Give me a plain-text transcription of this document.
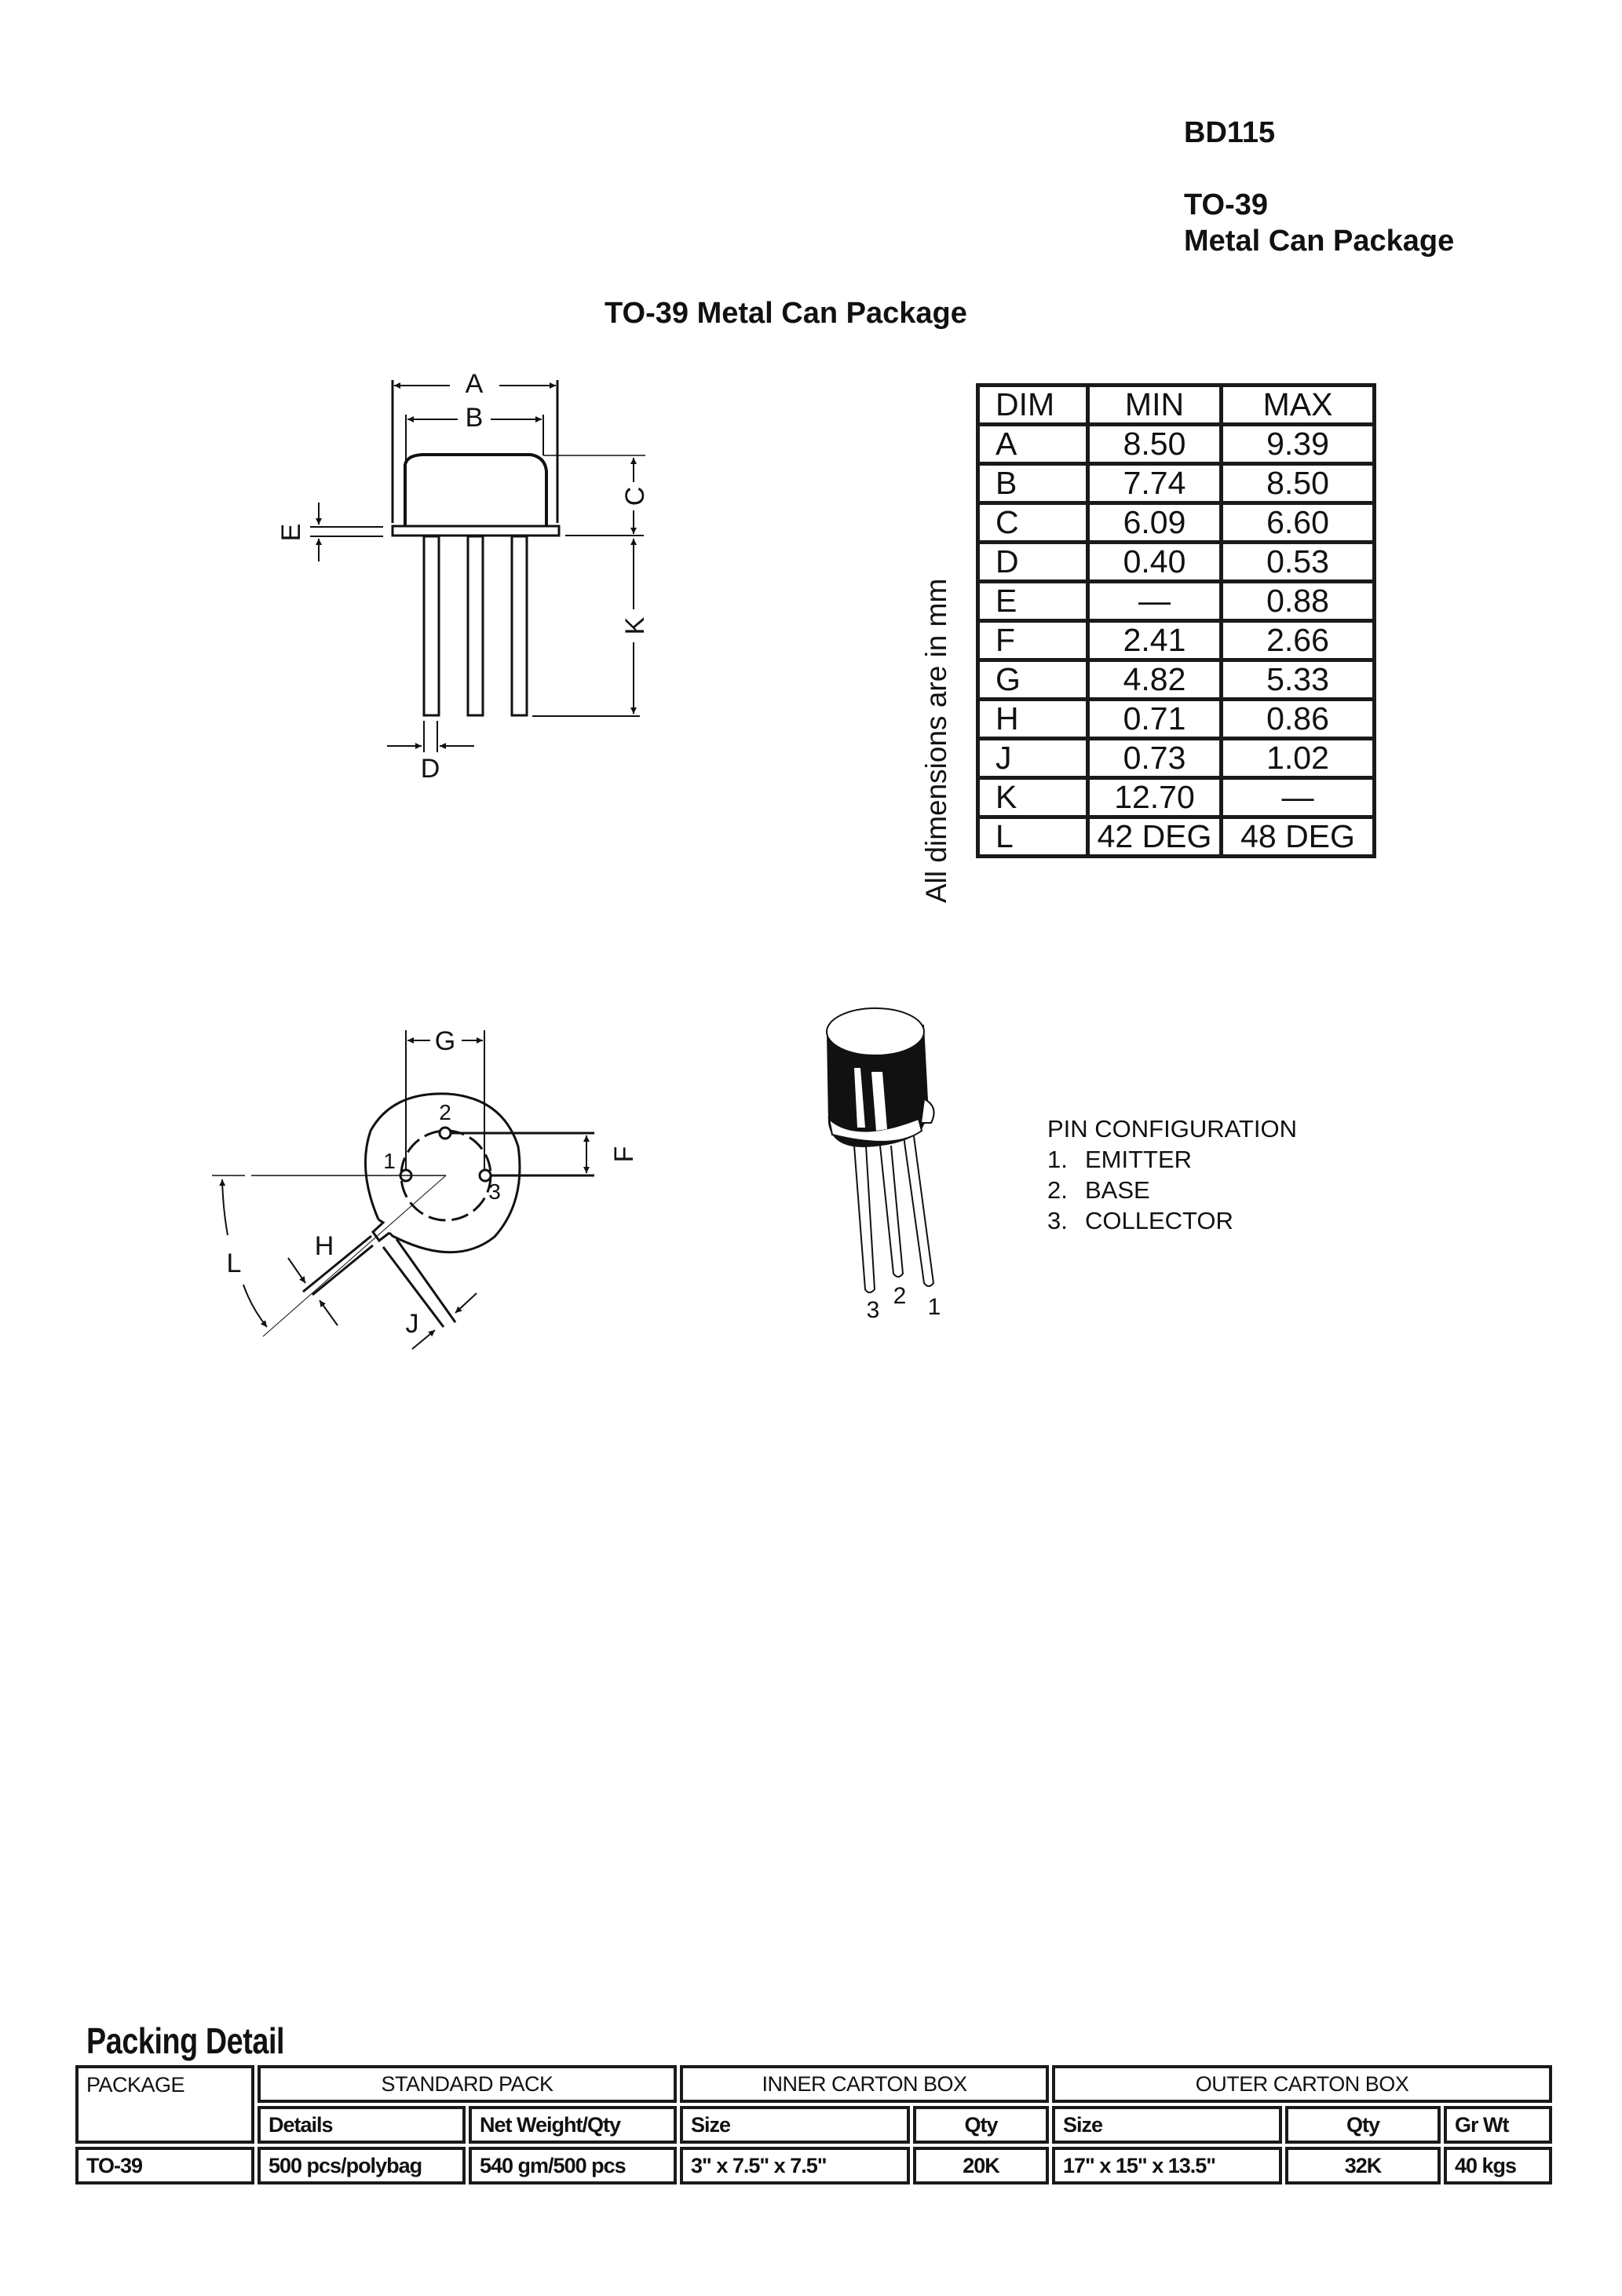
BD115
TO-39
Metal Can Package
TO-39 Metal Can Package
A
B
C
D
E
K
DIM	MIN	MAX
A	8.50	9.39
B	7.74	8.50
C	6.09	6.60
D	0.40	0.53
E	—	0.88
F	2.41	2.66
G	4.82	5.33
H	0.71	0.86
J	0.73	1.02
K	12.70	—
L	42 DEG	48 DEG
All dimensions are in mm
G
F
H
J
L
1
2
3
3
2 1
PIN CONFIGURATION
1. EMITTER
2. BASE
3. COLLECTOR
Packing Detail
PACKAGE	STANDARD PACK		INNER CARTON BOX		OUTER CARTON BOX		
	Details	Net Weight/Qty	Size	Qty	Size	Qty	Gr Wt
TO-39	500 pcs/polybag	540 gm/500 pcs	3" x 7.5" x 7.5"	20K	17" x 15" x 13.5"	32K	40 kgs
